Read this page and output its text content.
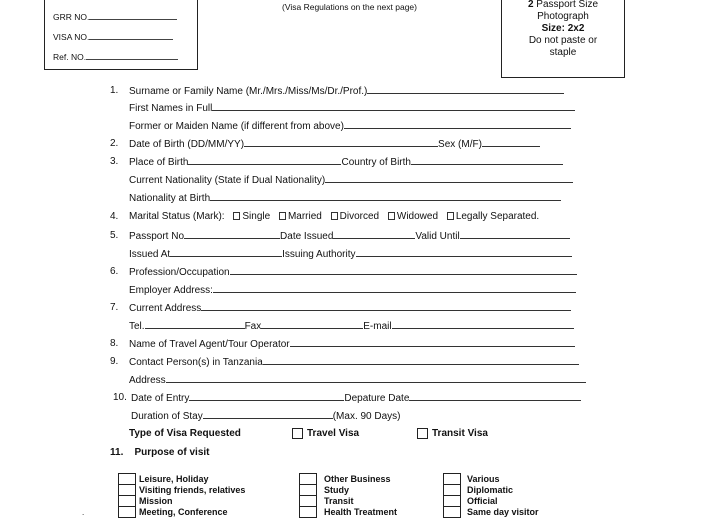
GRR NO.
VISA NO.
Ref. NO.
(Visa Regulations on the next page)	2 Passport Size
Photograph
Size: 2x2
Do not paste or
staple
1. Surname or Family Name (Mr./Mrs./Miss/Ms/Dr./Prof.)
First Names in Full
Former or Maiden Name (if different from above)
2. Date of Birth (DD/MM/YY)	Sex (M/F)
3. Place of Birth	Country of Birth
Current Nationality (State if Dual Nationality)
Nationality at Birth
4. Marital Status (Mark): Single Married Divorced Widowed Legally Separated.
5. Passport No	Date Issued	Valid Until
Issued At	Issuing Authority
6. Profession/Occupation
Employer Address:
7. Current Address
Tel.	Fax	E-mail
8. Name of Travel Agent/Tour Operator
9. Contact Person(s) in Tanzania
Address
10. Date of Entry	Depature Date
Duration of Stay	(Max. 90 Days)
Type of Visa Requested	Travel Visa	Transit Visa
11. Purpose of visit
Leisure, Holiday
Visiting friends, relatives
Mission
Meeting, Conference
Other Business
Study
Transit
Health Treatment
Various
Diplomatic
Official
Same day visitor
.
